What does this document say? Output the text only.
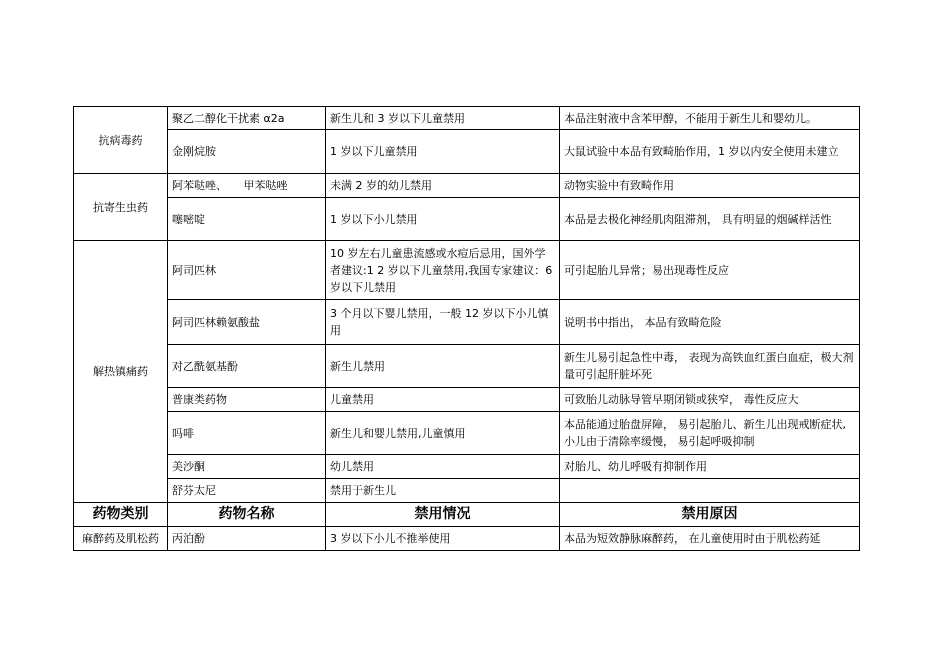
抗病毒药	聚乙二醇化干扰素 α2a	新生儿和 3 岁以下儿童禁用	本品注射液中含苯甲醇，不能用于新生儿和婴幼儿。
	金刚烷胺	1 岁以下儿童禁用	大鼠试验中本品有致畸胎作用，1 岁以内安全使用未建立
抗寄生虫药	阿苯哒唑、　　甲苯哒唑	未满 2 岁的幼儿禁用	动物实验中有致畸作用
	噻嘧啶	1 岁以下小儿禁用	本品是去极化神经肌肉阻滞剂， 具有明显的烟碱样活性
解热镇痛药	阿司匹林	10 岁左右儿童患流感或水痘后忌用，国外学者建议:1 2 岁以下儿童禁用,我国专家建议：6 岁以下儿禁用	可引起胎儿异常；易出现毒性反应
	阿司匹林赖氨酸盐	3 个月以下婴儿禁用，一般 12 岁以下小儿慎用	说明书中指出， 本品有致畸危险
	对乙酰氨基酚	新生儿禁用	新生儿易引起急性中毒， 表现为高铁血红蛋白血症，极大剂量可引起肝脏坏死
	普康类药物	儿童禁用	可致胎儿动脉导管早期闭锁或狭窄， 毒性反应大
	吗啡	新生儿和婴儿禁用,儿童慎用	本品能通过胎盘屏障， 易引起胎儿、新生儿出现戒断症状, 小儿由于清除率缓慢， 易引起呼吸抑制
	美沙酮	幼儿禁用	对胎儿、幼儿呼吸有抑制作用
	舒芬太尼	禁用于新生儿	
药物类别	药物名称	禁用情况	禁用原因
麻醉药及肌松药	丙泊酚	3 岁以下小儿不推举使用	本品为短效静脉麻醉药， 在儿童使用时由于肌松药延
